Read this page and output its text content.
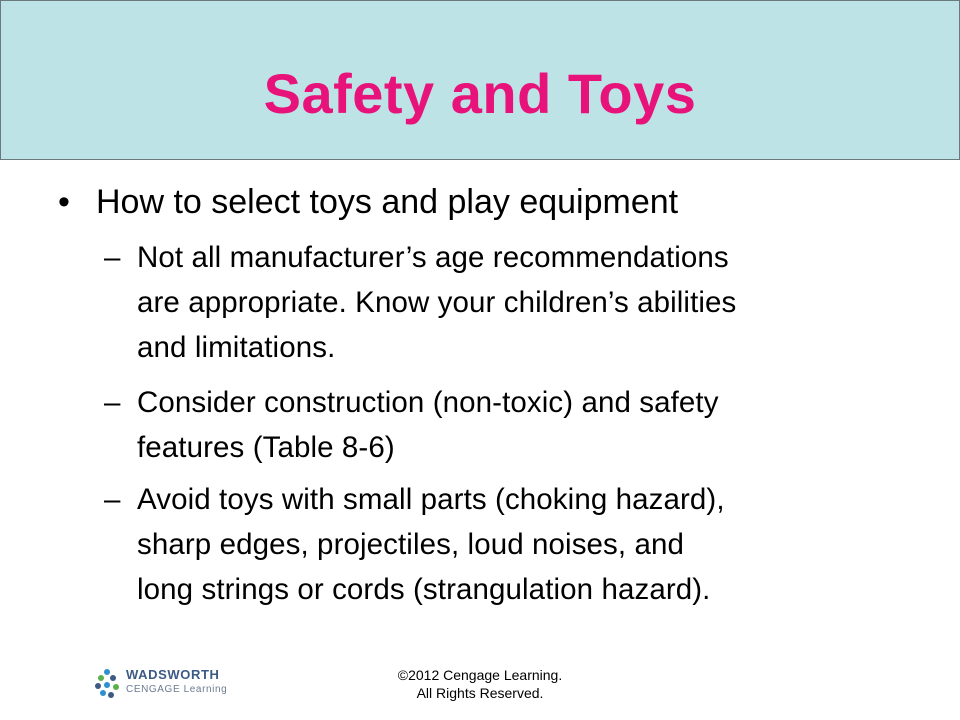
Safety and Toys
• How to select toys and play equipment
– Not all manufacturer’s age recommendations
are appropriate. Know your children’s abilities
and limitations.
– Consider construction (non-toxic) and safety
features (Table 8-6)
– Avoid toys with small parts (choking hazard),
sharp edges, projectiles, loud noises, and
long strings or cords (strangulation hazard).
WADSWORTH
CENGAGE Learning
©2012 Cengage Learning.
All Rights Reserved.
